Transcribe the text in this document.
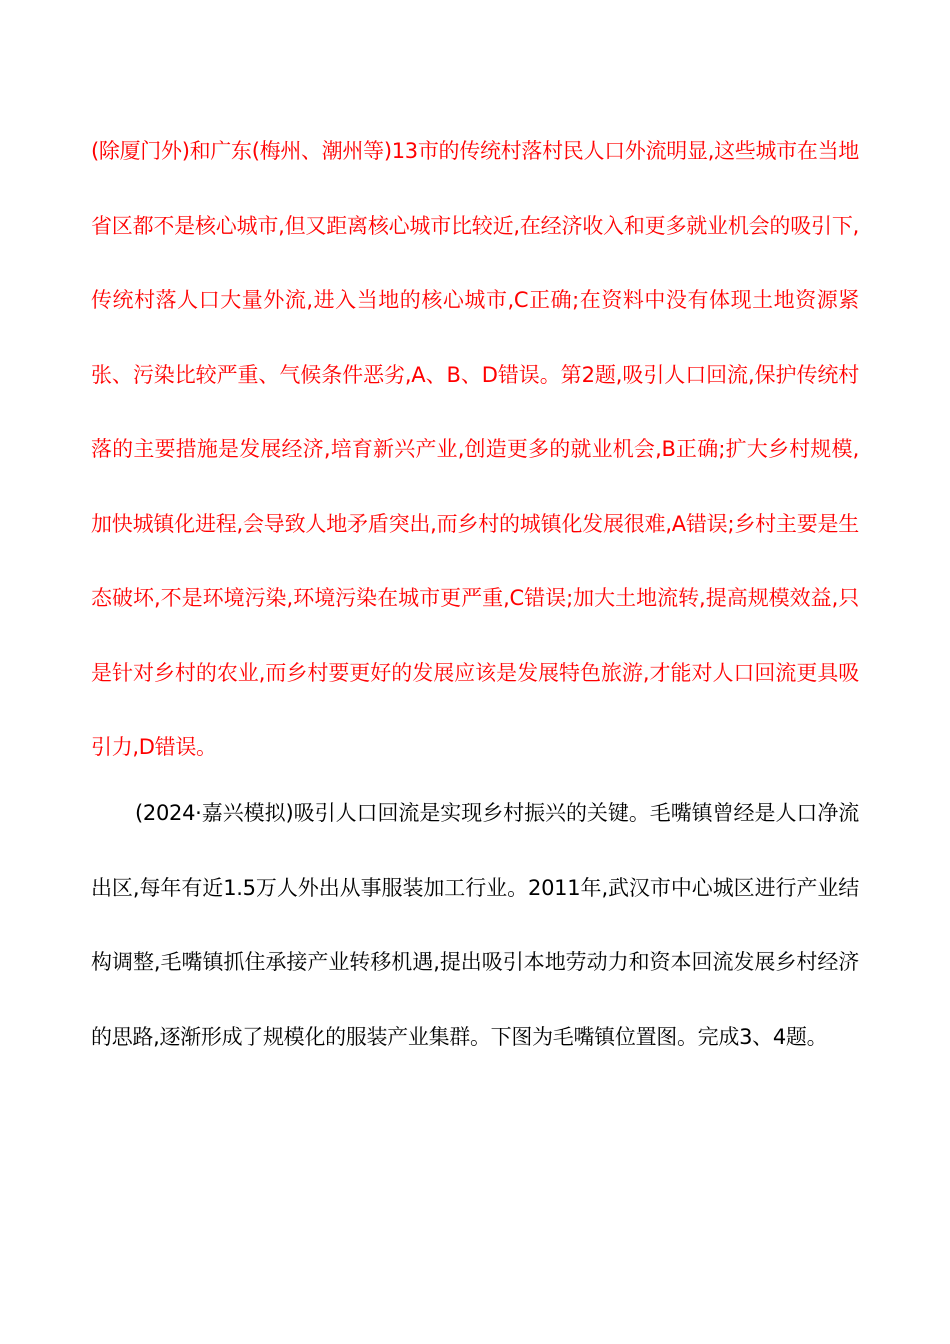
(除厦门外)和广东(梅州、潮州等)13市的传统村落村民人口外流明显,这些城市在当地省区都不是核心城市,但又距离核心城市比较近,在经济收入和更多就业机会的吸引下,传统村落人口大量外流,进入当地的核心城市,C正确;在资料中没有体现土地资源紧张、污染比较严重、气候条件恶劣,A、B、D错误。第2题,吸引人口回流,保护传统村落的主要措施是发展经济,培育新兴产业,创造更多的就业机会,B正确;扩大乡村规模,加快城镇化进程,会导致人地矛盾突出,而乡村的城镇化发展很难,A错误;乡村主要是生态破坏,不是环境污染,环境污染在城市更严重,C错误;加大土地流转,提高规模效益,只是针对乡村的农业,而乡村要更好的发展应该是发展特色旅游,才能对人口回流更具吸引力,D错误。

(2024·嘉兴模拟)吸引人口回流是实现乡村振兴的关键。毛嘴镇曾经是人口净流出区,每年有近1.5万人外出从事服装加工行业。2011年,武汉市中心城区进行产业结构调整,毛嘴镇抓住承接产业转移机遇,提出吸引本地劳动力和资本回流发展乡村经济的思路,逐渐形成了规模化的服装产业集群。下图为毛嘴镇位置图。完成3、4题。
